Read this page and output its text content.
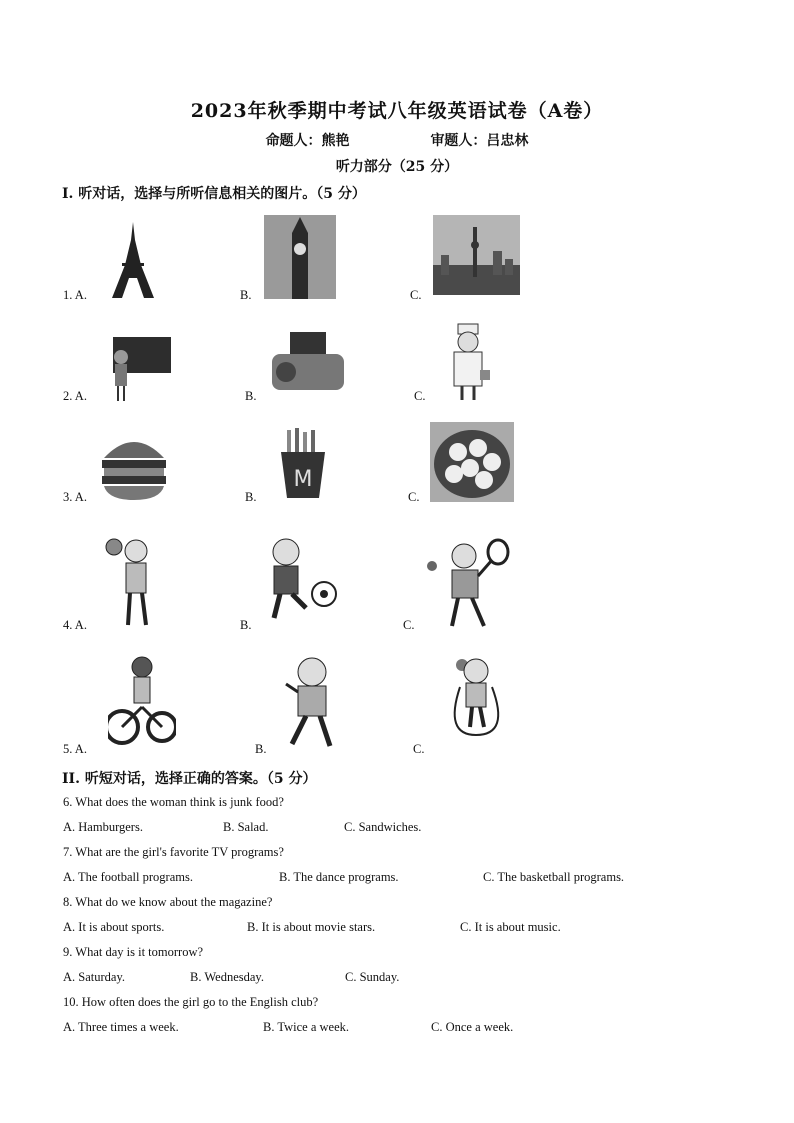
2023年秋季期中考试八年级英语试卷（A卷）
命题人：熊艳	审题人：吕忠林
听力部分（25 分）
I. 听对话，选择与所听信息相关的图片。（5 分）
1. A.	B.	C.
2. A.	B.	C.
3. A.	B.
M
C.
4. A.	B.	C.
5. A.	B.	C.
II. 听短对话，选择正确的答案。（5 分）
6. What does the woman think is junk food?
A. Hamburgers.	B. Salad.	C. Sandwiches.
7. What are the girl's favorite TV programs?
A. The football programs.	B. The dance programs.	C. The basketball programs.
8. What do we know about the magazine?
A. It is about sports.	B. It is about movie stars.	C. It is about music.
9. What day is it tomorrow?
A. Saturday.	B. Wednesday.	C. Sunday.
10. How often does the girl go to the English club?
A. Three times a week.	B. Twice a week.	C. Once a week.
